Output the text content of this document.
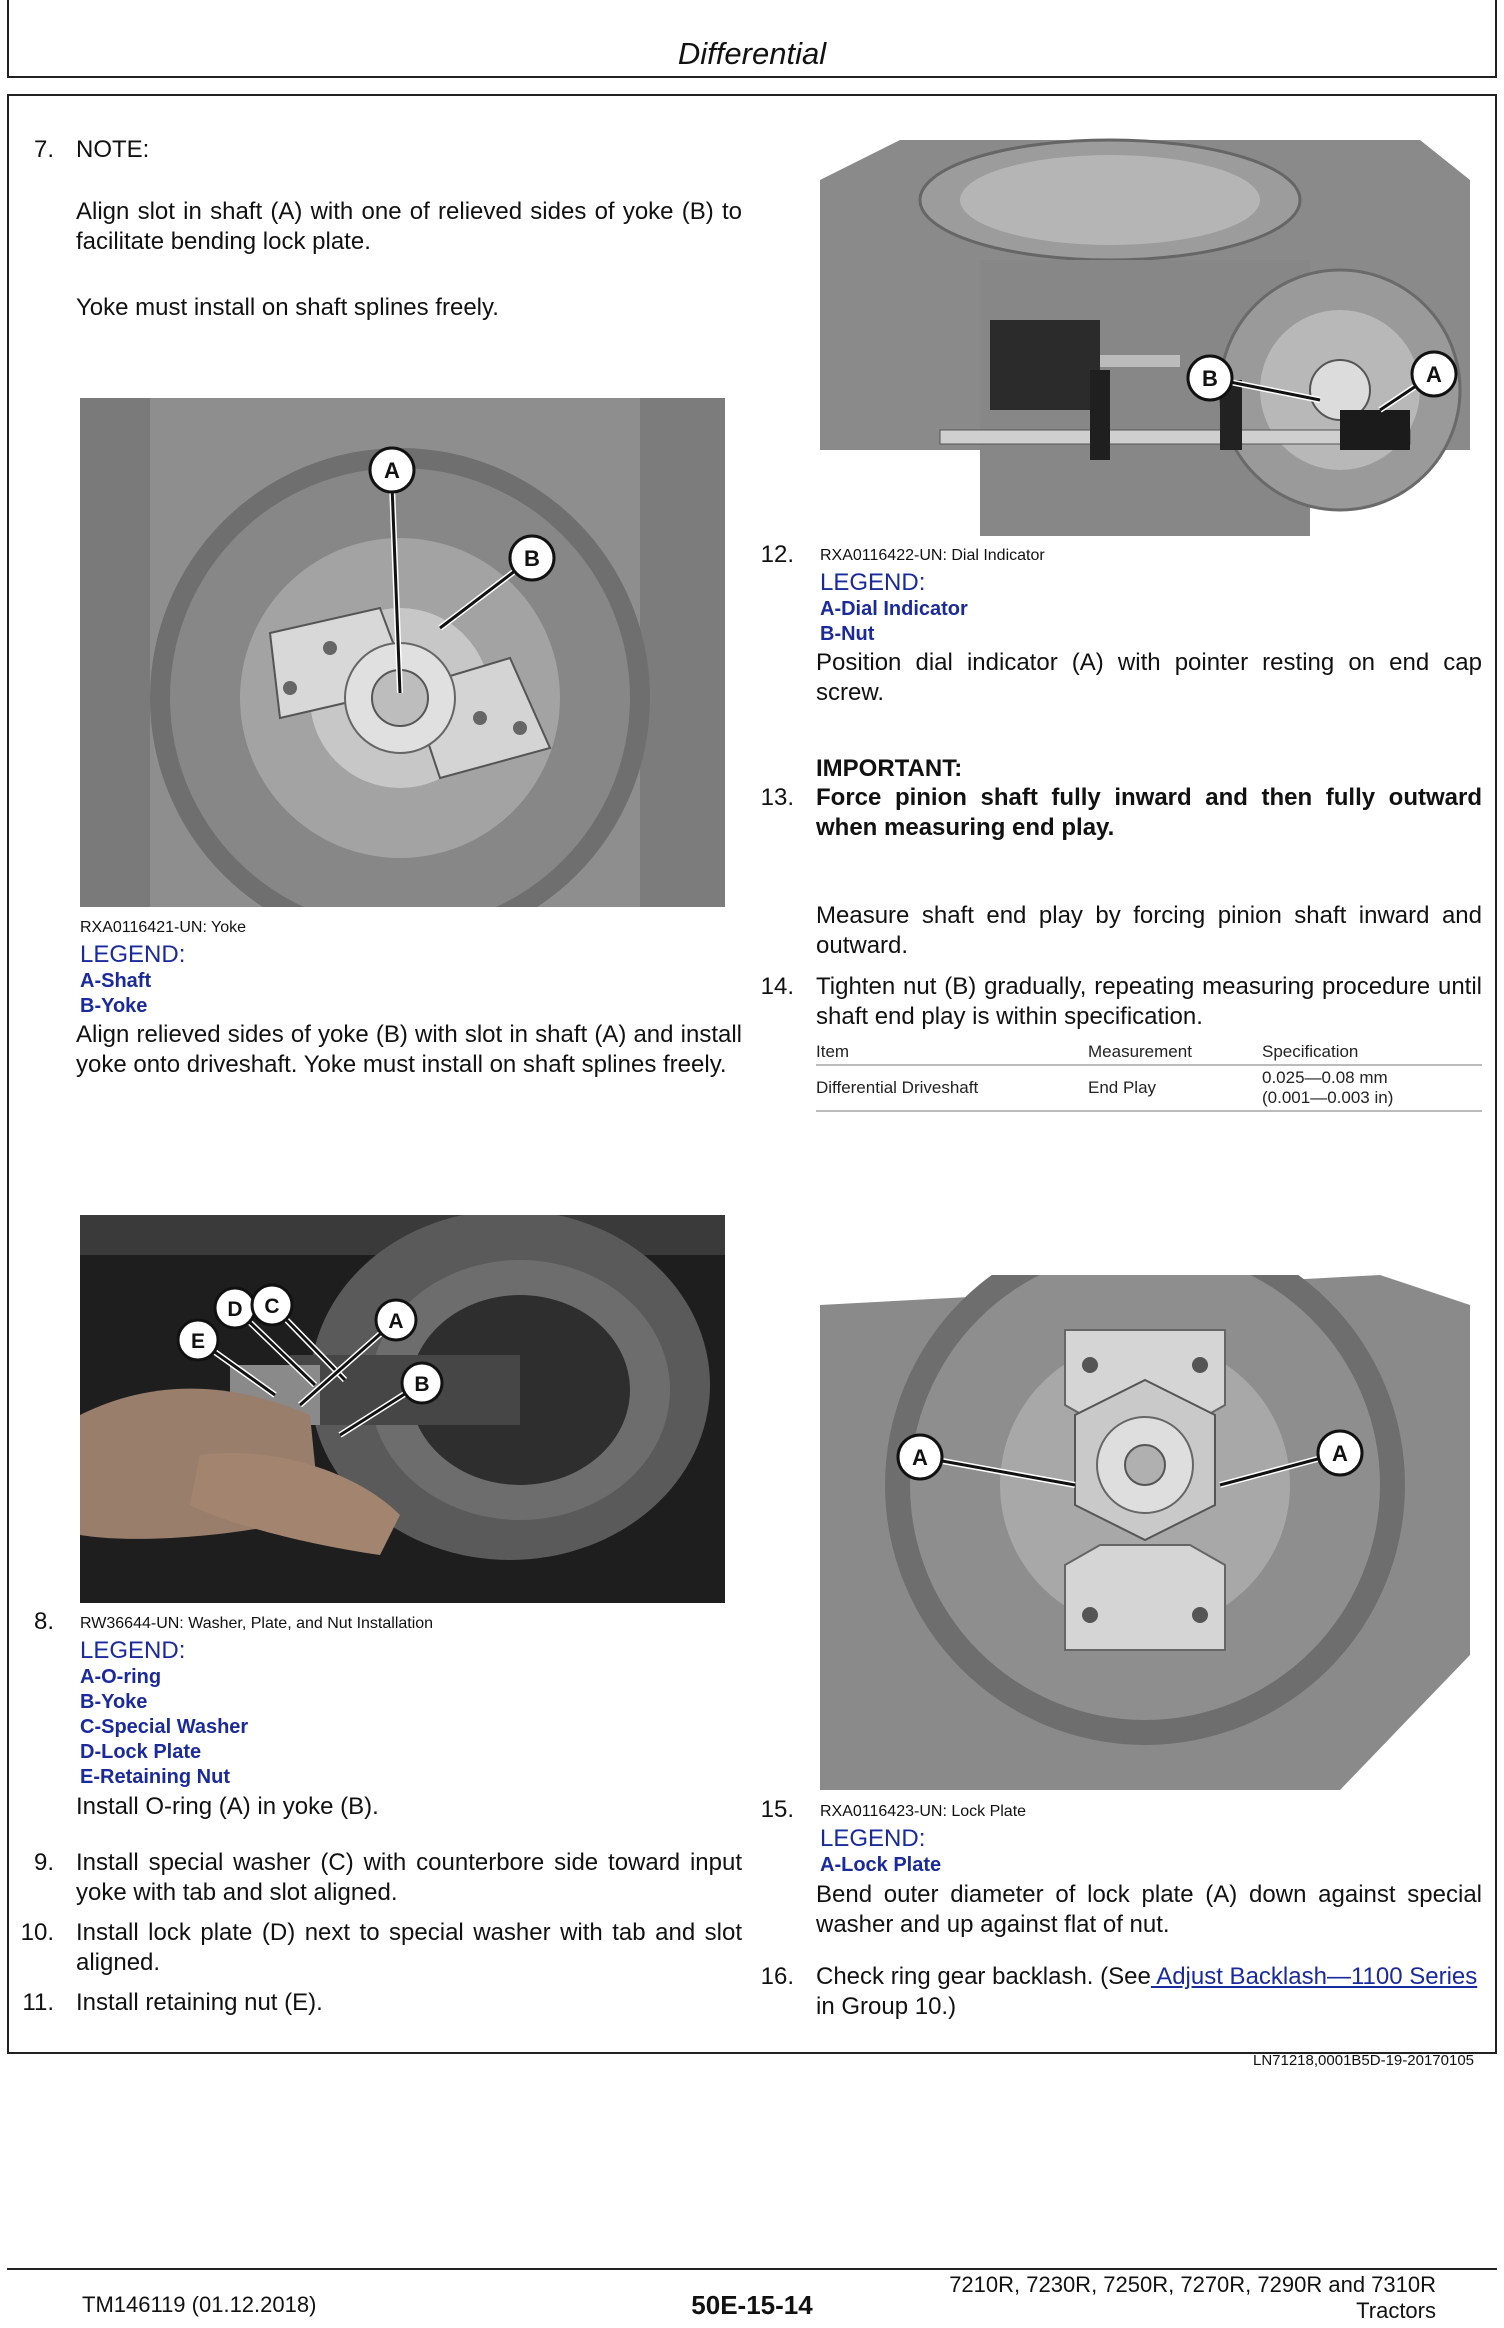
Differential
7. NOTE:
Align slot in shaft (A) with one of relieved sides of yoke (B) to facilitate bending lock plate.
Yoke must install on shaft splines freely.
A
B
RXA0116421-UN: Yoke
LEGEND:
A-Shaft
B-Yoke
Align relieved sides of yoke (B) with slot in shaft (A) and install yoke onto driveshaft. Yoke must install on shaft splines freely.
B	A
12. RXA0116422-UN: Dial Indicator
LEGEND:
A-Dial Indicator
B-Nut
Position dial indicator (A) with pointer resting on end cap screw.
IMPORTANT:
13. Force pinion shaft fully inward and then fully outward when measuring end play.
Measure shaft end play by forcing pinion shaft inward and outward.
14. Tighten nut (B) gradually, repeating measuring procedure until shaft end play is within specification.
Item	Measurement	Specification
Differential Driveshaft	End Play	0.025—0.08 mm
(0.001—0.003 in)
E
D C
A
B
8. RW36644-UN: Washer, Plate, and Nut Installation
LEGEND:
A-O-ring
B-Yoke
C-Special Washer
D-Lock Plate
E-Retaining Nut
Install O-ring (A) in yoke (B).
9. Install special washer (C) with counterbore side toward input yoke with tab and slot aligned.
10. Install lock plate (D) next to special washer with tab and slot aligned.
11. Install retaining nut (E).
A	A
15. RXA0116423-UN: Lock Plate
LEGEND:
A-Lock Plate
Bend outer diameter of lock plate (A) down against special washer and up against flat of nut.
16. Check ring gear backlash. (See Adjust Backlash—1100 Series in Group 10.)
LN71218,0001B5D-19-20170105
TM146119 (01.12.2018)	50E-15-14
7210R, 7230R, 7250R, 7270R, 7290R and 7310R
Tractors
